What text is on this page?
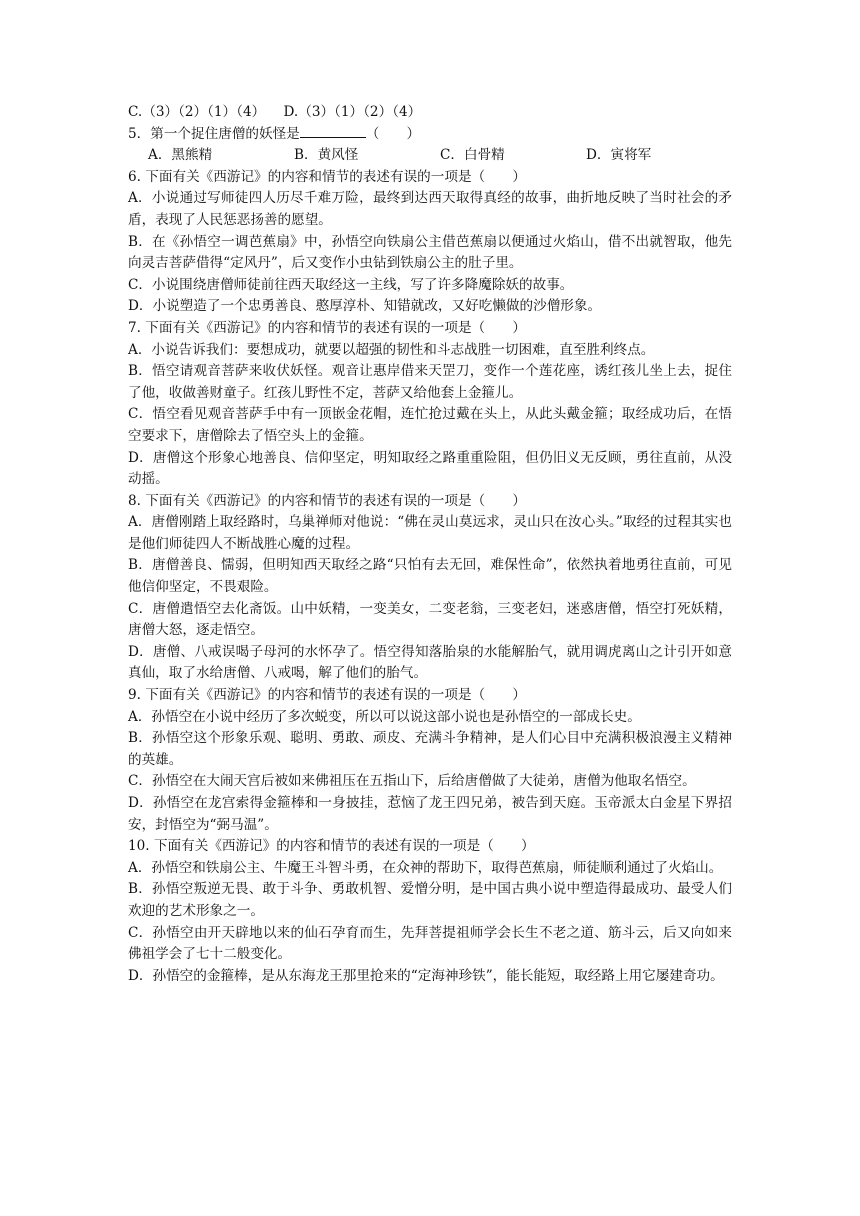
C.（3）（2）（1）（4） D.（3）（1）（2）（4）
5．第一个捉住唐僧的妖怪是	（　　）
A．黑熊精	B．黄风怪	C．白骨精	D．寅将军
6. 下面有关《西游记》的内容和情节的表述有误的一项是（　　）
A．小说通过写师徒四人历尽千难万险，最终到达西天取得真经的故事，曲折地反映了当时社会的矛盾，表现了人民惩恶扬善的愿望。
B．在《孙悟空一调芭蕉扇》中，孙悟空向铁扇公主借芭蕉扇以便通过火焰山，借不出就智取，他先向灵吉菩萨借得“定风丹”，后又变作小虫钻到铁扇公主的肚子里。
C．小说围绕唐僧师徒前往西天取经这一主线，写了许多降魔除妖的故事。
D．小说塑造了一个忠勇善良、憨厚淳朴、知错就改，又好吃懒做的沙僧形象。
7. 下面有关《西游记》的内容和情节的表述有误的一项是（　　）
A．小说告诉我们：要想成功，就要以超强的韧性和斗志战胜一切困难，直至胜利终点。
B．悟空请观音菩萨来收伏妖怪。观音让惠岸借来天罡刀，变作一个莲花座，诱红孩儿坐上去，捉住了他，收做善财童子。红孩儿野性不定，菩萨又给他套上金箍儿。
C．悟空看见观音菩萨手中有一顶嵌金花帽，连忙抢过戴在头上，从此头戴金箍；取经成功后，在悟空要求下，唐僧除去了悟空头上的金箍。
D．唐僧这个形象心地善良、信仰坚定，明知取经之路重重险阻，但仍旧义无反顾，勇往直前，从没动摇。
8. 下面有关《西游记》的内容和情节的表述有误的一项是（　　）
A．唐僧刚踏上取经路时，乌巢禅师对他说：“佛在灵山莫远求，灵山只在汝心头。”取经的过程其实也是他们师徒四人不断战胜心魔的过程。
B．唐僧善良、懦弱，但明知西天取经之路“只怕有去无回，难保性命”，依然执着地勇往直前，可见他信仰坚定，不畏艰险。
C．唐僧遣悟空去化斋饭。山中妖精，一变美女，二变老翁，三变老妇，迷惑唐僧，悟空打死妖精，唐僧大怒，逐走悟空。
D．唐僧、八戒误喝子母河的水怀孕了。悟空得知落胎泉的水能解胎气，就用调虎离山之计引开如意真仙，取了水给唐僧、八戒喝，解了他们的胎气。
9. 下面有关《西游记》的内容和情节的表述有误的一项是（　　）
A．孙悟空在小说中经历了多次蜕变，所以可以说这部小说也是孙悟空的一部成长史。
B．孙悟空这个形象乐观、聪明、勇敢、顽皮、充满斗争精神，是人们心目中充满积极浪漫主义精神的英雄。
C．孙悟空在大闹天宫后被如来佛祖压在五指山下，后给唐僧做了大徒弟，唐僧为他取名悟空。
D．孙悟空在龙宫索得金箍棒和一身披挂，惹恼了龙王四兄弟，被告到天庭。玉帝派太白金星下界招安，封悟空为“弼马温”。
10. 下面有关《西游记》的内容和情节的表述有误的一项是（　　）
A．孙悟空和铁扇公主、牛魔王斗智斗勇，在众神的帮助下，取得芭蕉扇，师徒顺利通过了火焰山。
B．孙悟空叛逆无畏、敢于斗争、勇敢机智、爱憎分明，是中国古典小说中塑造得最成功、最受人们欢迎的艺术形象之一。
C．孙悟空由开天辟地以来的仙石孕育而生，先拜菩提祖师学会长生不老之道、筋斗云，后又向如来佛祖学会了七十二般变化。
D．孙悟空的金箍棒，是从东海龙王那里抢来的“定海神珍铁”，能长能短，取经路上用它屡建奇功。
